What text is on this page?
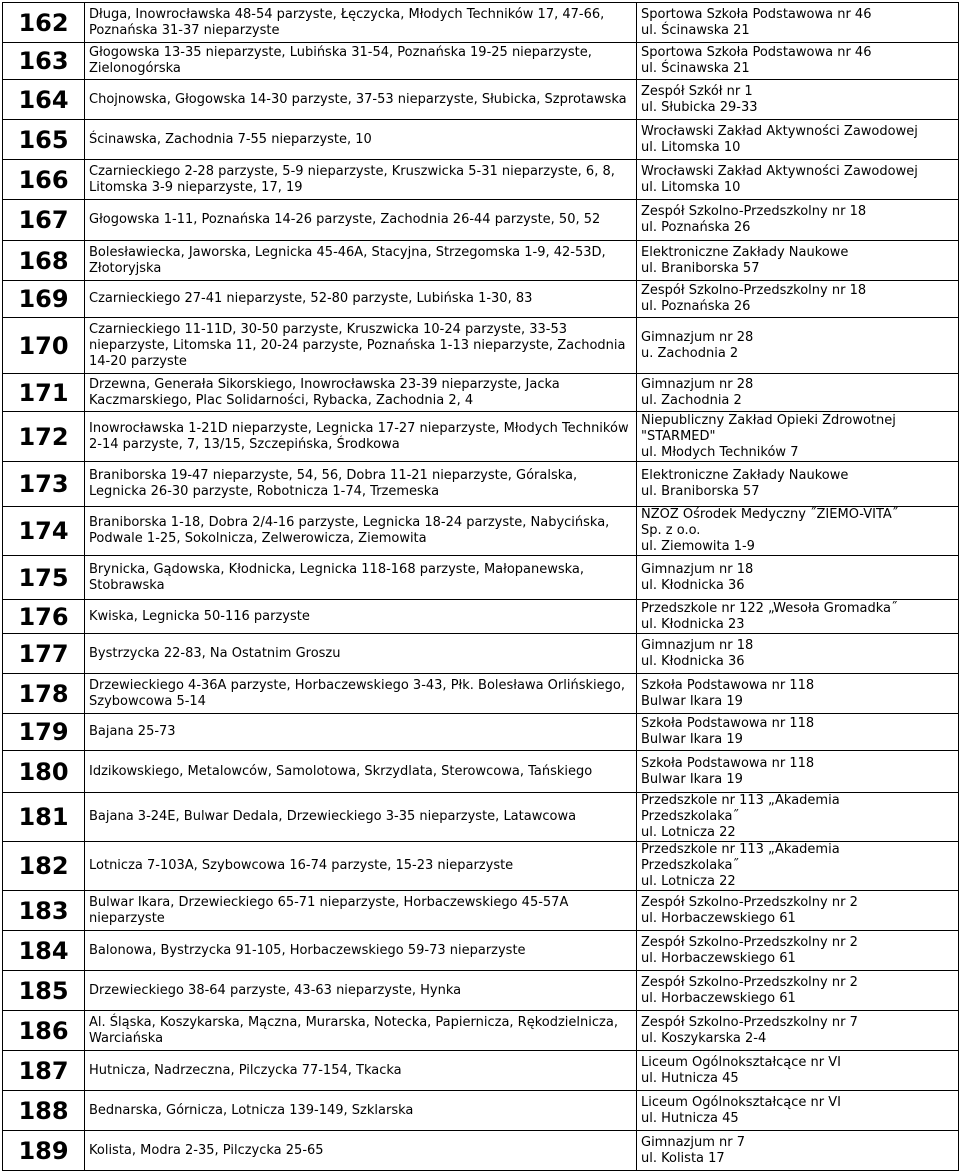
162	Długa, Inowrocławska 48-54 parzyste, Łęczycka, Młodych Techników 17, 47-66, Poznańska 31-37 nieparzyste	Sportowa Szkoła Podstawowa nr 46
ul. Ścinawska 21

163	Głogowska 13-35 nieparzyste, Lubińska 31-54, Poznańska 19-25 nieparzyste, Zielonogórska	Sportowa Szkoła Podstawowa nr 46
ul. Ścinawska 21

164	Chojnowska, Głogowska 14-30 parzyste, 37-53 nieparzyste, Słubicka, Szprotawska	Zespół Szkół nr 1
ul. Słubicka 29-33

165	Ścinawska, Zachodnia 7-55 nieparzyste, 10	Wrocławski Zakład Aktywności Zawodowej
ul. Litomska 10

166	Czarnieckiego 2-28 parzyste, 5-9 nieparzyste, Kruszwicka 5-31 nieparzyste, 6, 8, Litomska 3-9 nieparzyste, 17, 19	Wrocławski Zakład Aktywności Zawodowej
ul. Litomska 10

167	Głogowska 1-11, Poznańska 14-26 parzyste, Zachodnia 26-44 parzyste, 50, 52	Zespół Szkolno-Przedszkolny nr 18
ul. Poznańska 26

168	Bolesławiecka, Jaworska, Legnicka 45-46A, Stacyjna, Strzegomska 1-9, 42-53D, Złotoryjska	Elektroniczne Zakłady Naukowe
ul. Braniborska 57

169	Czarnieckiego 27-41 nieparzyste, 52-80 parzyste, Lubińska 1-30, 83	Zespół Szkolno-Przedszkolny nr 18
ul. Poznańska 26

170	Czarnieckiego 11-11D, 30-50 parzyste, Kruszwicka 10-24 parzyste, 33-53 nieparzyste, Litomska 11, 20-24 parzyste, Poznańska 1-13 nieparzyste, Zachodnia 14-20 parzyste	Gimnazjum nr 28
u. Zachodnia 2

171	Drzewna, Generała Sikorskiego, Inowrocławska 23-39 nieparzyste, Jacka Kaczmarskiego, Plac Solidarności, Rybacka, Zachodnia 2, 4	Gimnazjum nr 28
ul. Zachodnia 2

172	Inowrocławska 1-21D nieparzyste, Legnicka 17-27 nieparzyste, Młodych Techników 2-14 parzyste, 7, 13/15, Szczepińska, Środkowa	Niepubliczny Zakład Opieki Zdrowotnej
"STARMED"
ul. Młodych Techników 7

173	Braniborska 19-47 nieparzyste, 54, 56, Dobra 11-21 nieparzyste, Góralska, Legnicka 26-30 parzyste, Robotnicza 1-74, Trzemeska	Elektroniczne Zakłady Naukowe
ul. Braniborska 57

174	Braniborska 1-18, Dobra 2/4-16 parzyste, Legnicka 18-24 parzyste, Nabycińska, Podwale 1-25, Sokolnicza, Zelwerowicza, Ziemowita	NZOZ Ośrodek Medyczny ˝ZIEMO-VITA˝
Sp. z o.o.
ul. Ziemowita 1-9

175	Brynicka, Gądowska, Kłodnicka, Legnicka 118-168 parzyste, Małopanewska, Stobrawska	Gimnazjum nr 18
ul. Kłodnicka 36

176	Kwiska, Legnicka 50-116 parzyste	Przedszkole nr 122 „Wesoła Gromadka˝
ul. Kłodnicka 23

177	Bystrzycka 22-83, Na Ostatnim Groszu	Gimnazjum nr 18
ul. Kłodnicka 36

178	Drzewieckiego 4-36A parzyste, Horbaczewskiego 3-43, Płk. Bolesława Orlińskiego, Szybowcowa 5-14	Szkoła Podstawowa nr 118
Bulwar Ikara 19

179	Bajana 25-73	Szkoła Podstawowa nr 118
Bulwar Ikara 19

180	Idzikowskiego, Metalowców, Samolotowa, Skrzydlata, Sterowcowa, Tańskiego	Szkoła Podstawowa nr 118
Bulwar Ikara 19

181	Bajana 3-24E, Bulwar Dedala, Drzewieckiego 3-35 nieparzyste, Latawcowa	Przedszkole nr 113 „Akademia
Przedszkolaka˝
ul. Lotnicza 22

182	Lotnicza 7-103A, Szybowcowa 16-74 parzyste, 15-23 nieparzyste	Przedszkole nr 113 „Akademia
Przedszkolaka˝
ul. Lotnicza 22

183	Bulwar Ikara, Drzewieckiego 65-71 nieparzyste, Horbaczewskiego 45-57A nieparzyste	Zespół Szkolno-Przedszkolny nr 2
ul. Horbaczewskiego 61

184	Balonowa, Bystrzycka 91-105, Horbaczewskiego 59-73 nieparzyste	Zespół Szkolno-Przedszkolny nr 2
ul. Horbaczewskiego 61

185	Drzewieckiego 38-64 parzyste, 43-63 nieparzyste, Hynka	Zespół Szkolno-Przedszkolny nr 2
ul. Horbaczewskiego 61

186	Al. Śląska, Koszykarska, Mączna, Murarska, Notecka, Papiernicza, Rękodzielnicza, Warciańska	Zespół Szkolno-Przedszkolny nr 7
ul. Koszykarska 2-4

187	Hutnicza, Nadrzeczna, Pilczycka 77-154, Tkacka	Liceum Ogólnokształcące nr VI
ul. Hutnicza 45

188	Bednarska, Górnicza, Lotnicza 139-149, Szklarska	Liceum Ogólnokształcące nr VI
ul. Hutnicza 45

189	Kolista, Modra 2-35, Pilczycka 25-65	Gimnazjum nr 7
ul. Kolista 17
